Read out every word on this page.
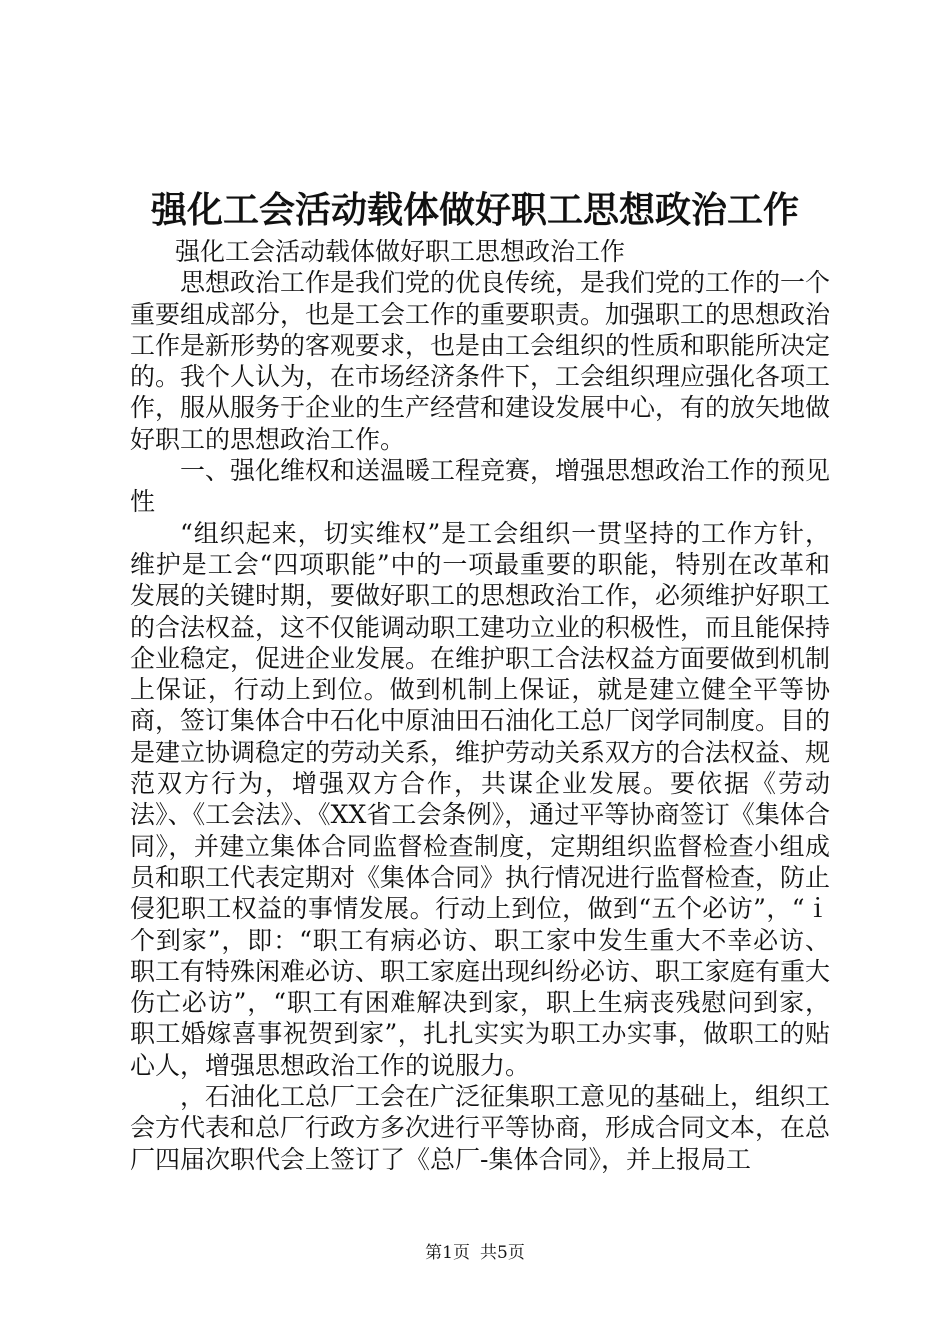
强化工会活动载体做好职工思想政治工作

强化工会活动载体做好职工思想政治工作

思想政治工作是我们党的优良传统，是我们党的工作的一个重要组成部分，也是工会工作的重要职责。加强职工的思想政治工作是新形势的客观要求，也是由工会组织的性质和职能所决定的。我个人认为，在市场经济条件下，工会组织理应强化各项工作，服从服务于企业的生产经营和建设发展中心，有的放矢地做好职工的思想政治工作。

一、强化维权和送温暖工程竞赛，增强思想政治工作的预见性

“组织起来，切实维权”是工会组织一贯坚持的工作方针，维护是工会“四项职能”中的一项最重要的职能，特别在改革和发展的关键时期，要做好职工的思想政治工作，必须维护好职工的合法权益，这不仅能调动职工建功立业的积极性，而且能保持企业稳定，促进企业发展。在维护职工合法权益方面要做到机制上保证，行动上到位。做到机制上保证，就是建立健全平等协商，签订集体合中石化中原油田石油化工总厂闵学同制度。目的是建立协调稳定的劳动关系，维护劳动关系双方的合法权益、规范双方行为，增强双方合作，共谋企业发展。要依据《劳动法》、《工会法》、《XX省工会条例》，通过平等协商签订《集体合同》，并建立集体合同监督检查制度，定期组织监督检查小组成员和职工代表定期对《集体合同》执行情况进行监督检查，防止侵犯职工权益的事情发展。行动上到位，做到“五个必访”，“ｉ个到家”，即：“职工有病必访、职工家中发生重大不幸必访、职工有特殊闲难必访、职工家庭出现纠纷必访、职工家庭有重大伤亡必访”，“职工有困难解决到家，职上生病丧残慰问到家，职工婚嫁喜事祝贺到家”，扎扎实实为职工办实事，做职工的贴心人，增强思想政治工作的说服力。

，石油化工总厂工会在广泛征集职工意见的基础上，组织工会方代表和总厂行政方多次进行平等协商，形成合同文本，在总厂四届次职代会上签订了《总厂-集体合同》，并上报局工

第1页 共5页
